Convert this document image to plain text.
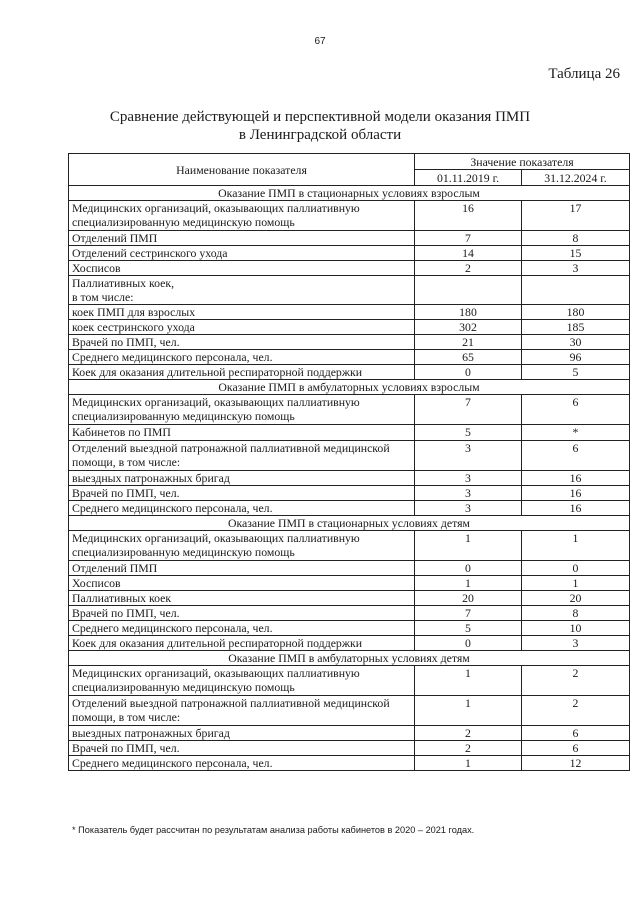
67
Таблица 26
Сравнение действующей и перспективной модели оказания ПМП
в Ленинградской области
Наименование показателя	Значение показателя	
	01.11.2019 г.	31.12.2024 г.
Оказание ПМП в стационарных условиях взрослым		
Медицинских организаций, оказывающих паллиативную специализированную медицинскую помощь	16	17
Отделений ПМП	7	8
Отделений сестринского ухода	14	15
Хосписов	2	3

Паллиативных коек,
в том числе:		

коек ПМП для взрослых	180	180
коек сестринского ухода	302	185
Врачей по ПМП, чел.	21	30
Среднего медицинского персонала, чел.	65	96
Коек для оказания длительной респираторной поддержки	0	5
Оказание ПМП в амбулаторных условиях взрослым		
Медицинских организаций, оказывающих паллиативную специализированную медицинскую помощь	7	6
Кабинетов по ПМП	5	*
Отделений выездной патронажной паллиативной медицинской помощи, в том числе:	3	6
выездных патронажных бригад	3	16
Врачей по ПМП, чел.	3	16
Среднего медицинского персонала, чел.	3	16
Оказание ПМП в стационарных условиях детям		
Медицинских организаций, оказывающих паллиативную специализированную медицинскую помощь	1	1
Отделений ПМП	0	0
Хосписов	1	1
Паллиативных коек	20	20
Врачей по ПМП, чел.	7	8
Среднего медицинского персонала, чел.	5	10
Коек для оказания длительной респираторной поддержки	0	3
Оказание ПМП в амбулаторных условиях детям		
Медицинских организаций, оказывающих паллиативную специализированную медицинскую помощь	1	2
Отделений выездной патронажной паллиативной медицинской помощи, в том числе:	1	2
выездных патронажных бригад	2	6
Врачей по ПМП, чел.	2	6
Среднего медицинского персонала, чел.	1	12
* Показатель будет рассчитан по результатам анализа работы кабинетов в 2020 – 2021 годах.
